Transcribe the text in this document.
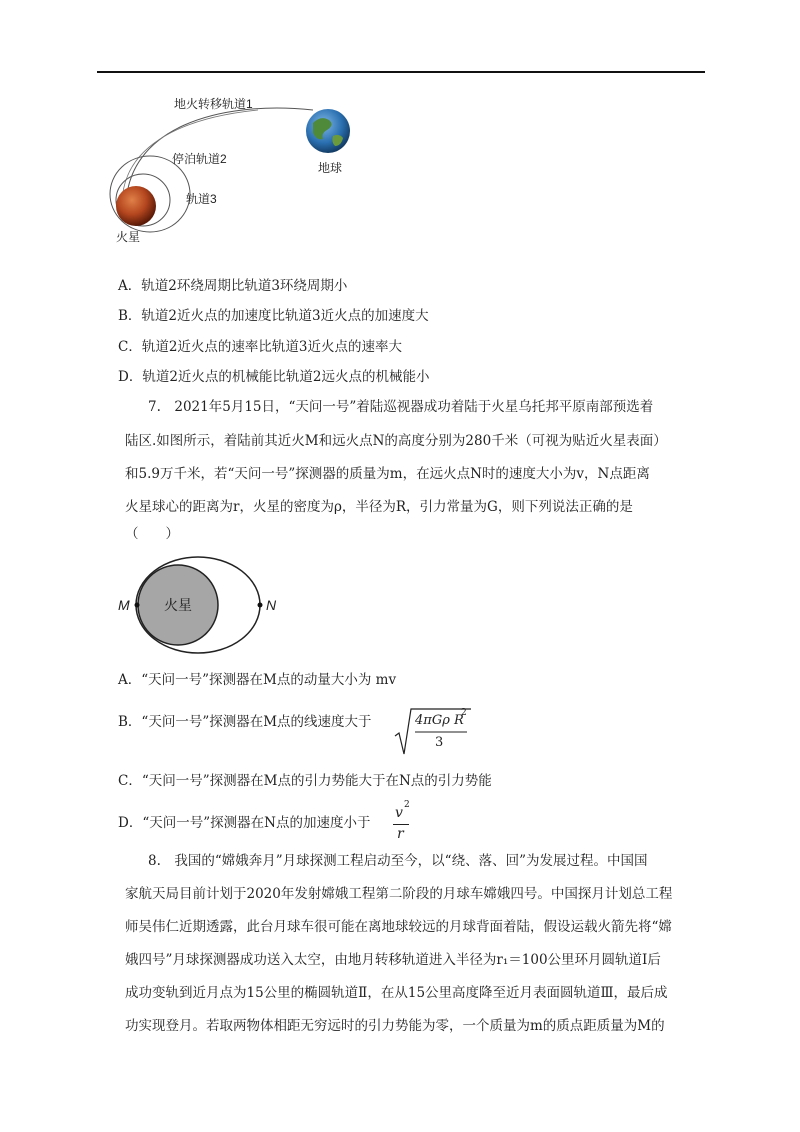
地火转移轨道1
停泊轨道2
轨道3
地球
火星
A．轨道2环绕周期比轨道3环绕周期小
B．轨道2近火点的加速度比轨道3近火点的加速度大
C．轨道2近火点的速率比轨道3近火点的速率大
D．轨道2近火点的机械能比轨道2远火点的机械能小
7.　2021年5月15日，“天问一号”着陆巡视器成功着陆于火星乌托邦平原南部预选着
陆区.如图所示，着陆前其近火M和远火点N的高度分别为280千米（可视为贴近火星表面）
和5.9万千米，若“天问一号”探测器的质量为m，在远火点N时的速度大小为v，N点距离
火星球心的距离为r，火星的密度为ρ，半径为R，引力常量为G，则下列说法正确的是
（　　）
火星
M	N
A．“天问一号”探测器在M点的动量大小为 mv
B．“天问一号”探测器在M点的线速度大于	4πGρ R
2
3
C．“天问一号”探测器在M点的引力势能大于在N点的引力势能
D．“天问一号”探测器在N点的加速度小于
v 2
r
8.　我国的“嫦娥奔月”月球探测工程启动至今，以“绕、落、回”为发展过程。中国国
家航天局目前计划于2020年发射嫦娥工程第二阶段的月球车嫦娥四号。中国探月计划总工程
师吴伟仁近期透露，此台月球车很可能在离地球较远的月球背面着陆，假设运载火箭先将“嫦
娥四号”月球探测器成功送入太空，由地月转移轨道进入半径为r₁＝100公里环月圆轨道Ⅰ后
成功变轨到近月点为15公里的椭圆轨道Ⅱ，在从15公里高度降至近月表面圆轨道Ⅲ，最后成
功实现登月。若取两物体相距无穷远时的引力势能为零，一个质量为m的质点距质量为M的
